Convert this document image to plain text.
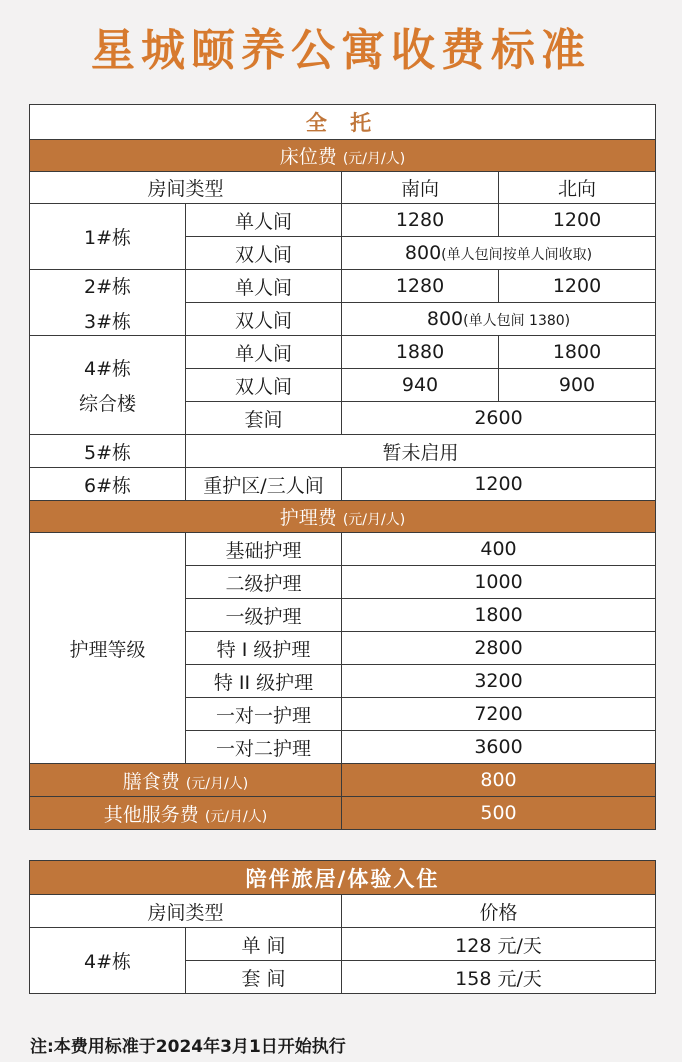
星城颐养公寓收费标准
全 托			
床位费 (元/月/人)			
房间类型		南向	北向
1#栋	单人间	1280	1200
	双人间	800(单人包间按单人间收取)	

2#栋
3#栋	单人间	1280	1200
	双人间	800(单人包间 1380)	

4#栋
综合楼	单人间	1880	1800
	双人间	940	900
	套间	2600	
5#栋	暂未启用		
6#栋	重护区/三人间	1200	
护理费 (元/月/人)			
护理等级	基础护理	400	
	二级护理	1000	
	一级护理	1800	
	特 I 级护理	2800	
	特 II 级护理	3200	
	一对一护理	7200	
	一对二护理	3600	
膳食费 (元/月/人)		800	
其他服务费 (元/月/人)		500	
陪伴旅居/体验入住		
房间类型		价格
4#栋	单 间	128 元/天
	套 间	158 元/天
注:本费用标准于2024年3月1日开始执行
